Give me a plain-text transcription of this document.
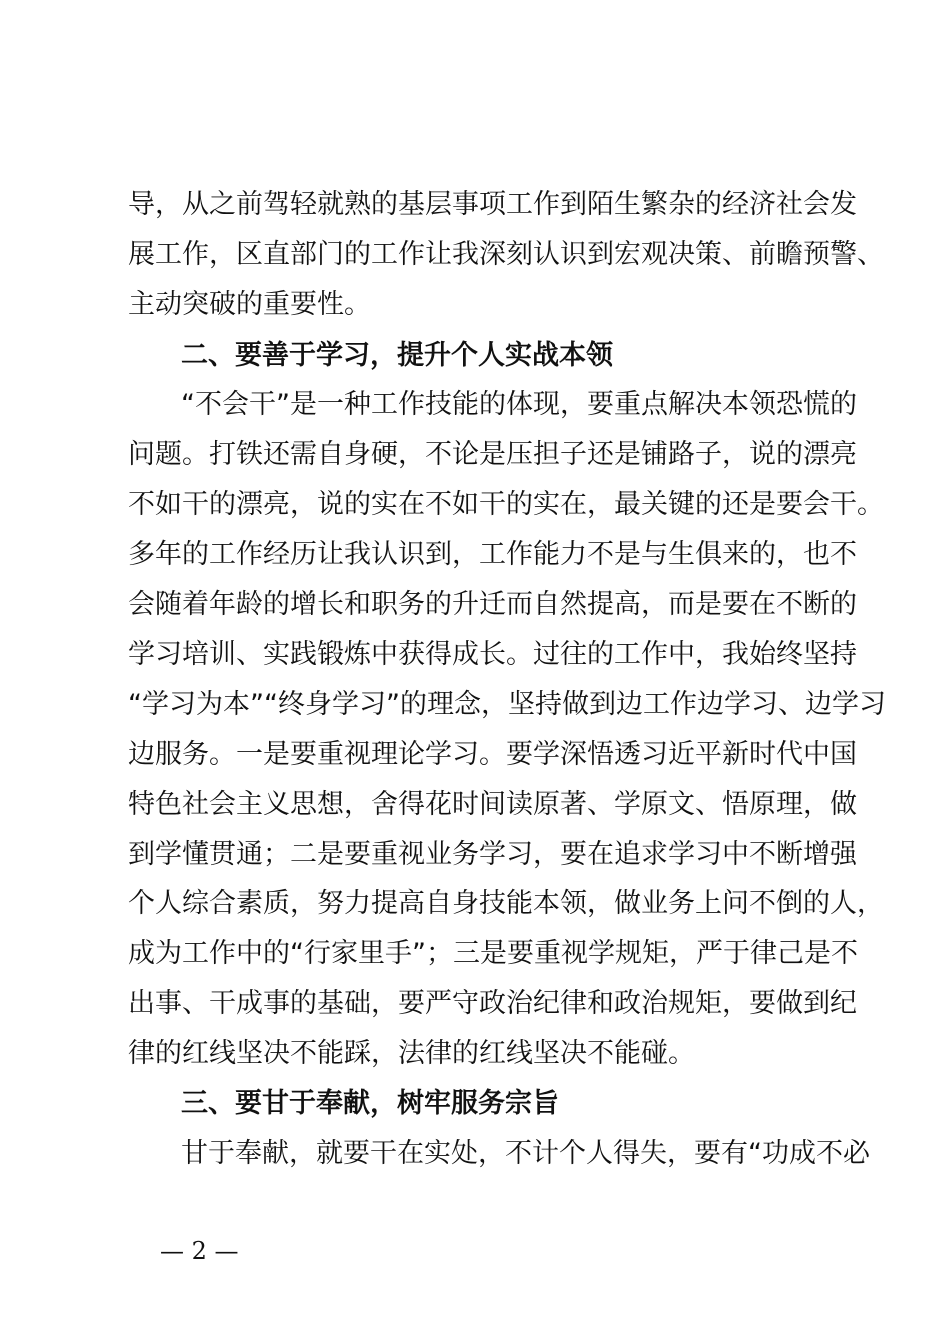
导，从之前驾轻就熟的基层事项工作到陌生繁杂的经济社会发
展工作，区直部门的工作让我深刻认识到宏观决策、前瞻预警、
主动突破的重要性。
二、要善于学习，提升个人实战本领
“不会干”是一种工作技能的体现，要重点解决本领恐慌的
问题。打铁还需自身硬，不论是压担子还是铺路子，说的漂亮
不如干的漂亮，说的实在不如干的实在，最关键的还是要会干。
多年的工作经历让我认识到，工作能力不是与生俱来的，也不
会随着年龄的增长和职务的升迁而自然提高，而是要在不断的
学习培训、实践锻炼中获得成长。过往的工作中，我始终坚持
“学习为本”“终身学习”的理念，坚持做到边工作边学习、边学习
边服务。一是要重视理论学习。要学深悟透习近平新时代中国
特色社会主义思想，舍得花时间读原著、学原文、悟原理，做
到学懂贯通；二是要重视业务学习，要在追求学习中不断增强
个人综合素质，努力提高自身技能本领，做业务上问不倒的人，
成为工作中的“行家里手”；三是要重视学规矩，严于律己是不
出事、干成事的基础，要严守政治纪律和政治规矩，要做到纪
律的红线坚决不能踩，法律的红线坚决不能碰。
三、要甘于奉献，树牢服务宗旨
甘于奉献，就要干在实处，不计个人得失，要有“功成不必
— 2 —
